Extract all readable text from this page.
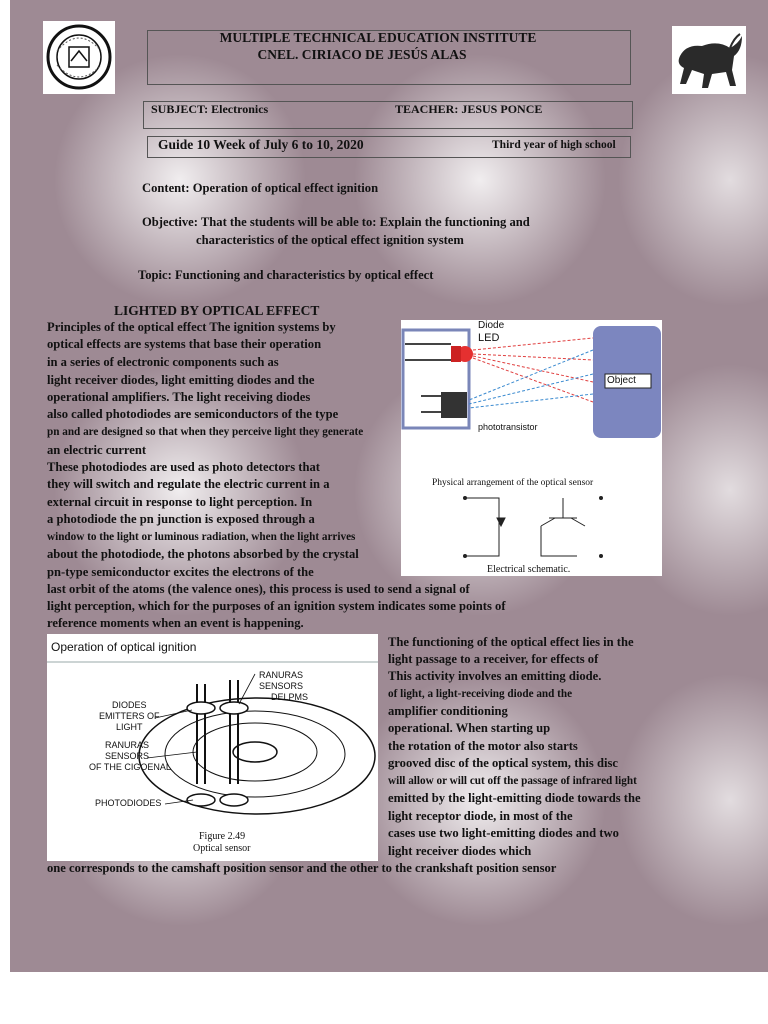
MULTIPLE TECHNICAL EDUCATION INSTITUTE
CNEL. CIRIACO DE JESÚS ALAS
SUBJECT: Electronics	TEACHER: JESUS PONCE
Guide 10 Week of July 6 to 10, 2020	Third year of high school
Content: Operation of optical effect ignition
Objective: That the students will be able to: Explain the functioning and
characteristics of the optical effect ignition system
Topic: Functioning and characteristics by optical effect
LIGHTED BY OPTICAL EFFECT
Principles of the optical effect The ignition systems by
optical effects are systems that base their operation
in a series of electronic components such as
light receiver diodes, light emitting diodes and the
operational amplifiers. The light receiving diodes
also called photodiodes are semiconductors of the type
pn and are designed so that when they perceive light they generate
an electric current
These photodiodes are used as photo detectors that
they will switch and regulate the electric current in a
external circuit in response to light perception. In
a photodiode the pn junction is exposed through a
window to the light or luminous radiation, when the light arrives
about the photodiode, the photons absorbed by the crystal
pn-type semiconductor excites the electrons of the
last orbit of the atoms (the valence ones), this process is used to send a signal of
light perception, which for the purposes of an ignition system indicates some points of
reference moments when an event is happening.
Diode
LED
Object
phototransistor
Physical arrangement of the optical sensor
Electrical schematic.
Operation of optical ignition
RANURAS
SENSORS
DELPMS
DIODES
EMITTERS OF
LIGHT
RANURAS
SENSORS
OF THE CIGOENAL
PHOTODIODES
Figure 2.49
Optical sensor
The functioning of the optical effect lies in the
light passage to a receiver, for effects of
This activity involves an emitting diode.
of light, a light-receiving diode and the
amplifier conditioning
operational. When starting up
the rotation of the motor also starts
grooved disc of the optical system, this disc
will allow or will cut off the passage of infrared light
emitted by the light-emitting diode towards the
light receptor diode, in most of the
cases use two light-emitting diodes and two
light receiver diodes which
one corresponds to the camshaft position sensor and the other to the crankshaft position sensor
